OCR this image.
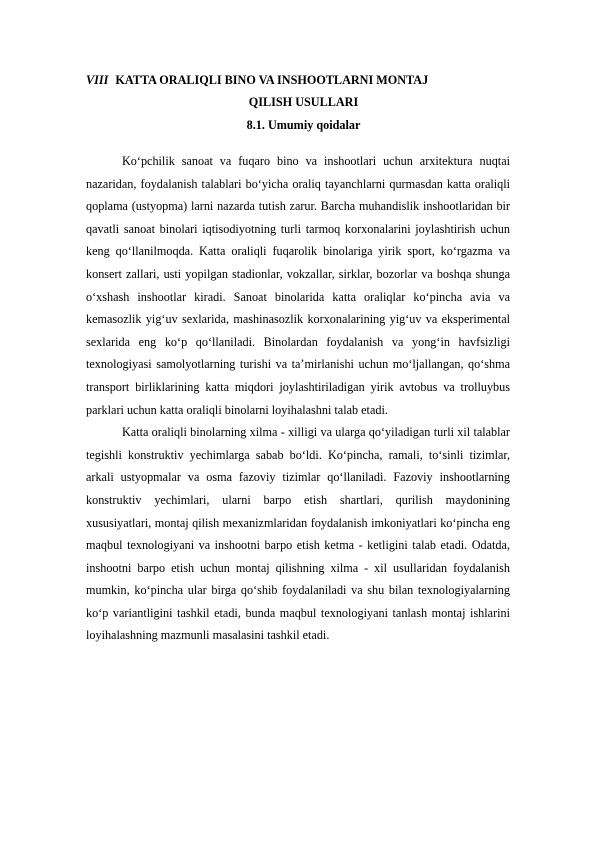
VIII KATTA ORALIQLI BINO VA INSHOOTLARNI MONTAJ
QILISH USULLARI
8.1. Umumiy qoidalar

Ko‘pchilik sanoat va fuqaro bino va inshootlari uchun arxitektura nuqtai nazaridan, foydalanish talablari bo‘yicha oraliq tayanchlarni qurmasdan katta oraliqli qoplama (ustyopma) larni nazarda tutish zarur. Barcha muhandislik inshootlaridan bir qavatli sanoat binolari iqtisodiyotning turli tarmoq korxonalarini joylashtirish uchun keng qo‘llanilmoqda. Katta oraliqli fuqarolik binolariga yirik sport, ko‘rgazma va konsert zallari, usti yopilgan stadionlar, vokzallar, sirklar, bozorlar va boshqa shunga o‘xshash inshootlar kiradi. Sanoat binolarida katta oraliqlar ko‘pincha avia va kemasozlik yig‘uv sexlarida, mashinasozlik korxonalarining yig‘uv va eksperimental sexlarida eng ko‘p qo‘llaniladi. Binolardan foydalanish va yong‘in havfsizligi texnologiyasi samolyotlarning turishi va ta’mirlanishi uchun mo‘ljallangan, qo‘shma transport birliklarining katta miqdori joylashtiriladigan yirik avtobus va trolluybus parklari uchun katta oraliqli binolarni loyihalashni talab etadi.

Katta oraliqli binolarning xilma - xilligi va ularga qo‘yiladigan turli xil talablar tegishli konstruktiv yechimlarga sabab bo‘ldi. Ko‘pincha, ramali, to‘sinli tizimlar, arkali ustyopmalar va osma fazoviy tizimlar qo‘llaniladi. Fazoviy inshootlarning konstruktiv yechimlari, ularni barpo etish shartlari, qurilish maydonining xususiyatlari, montaj qilish mexanizmlaridan foydalanish imkoniyatlari ko‘pincha eng maqbul texnologiyani va inshootni barpo etish ketma - ketligini talab etadi. Odatda, inshootni barpo etish uchun montaj qilishning xilma - xil usullaridan foydalanish mumkin, ko‘pincha ular birga qo‘shib foydalaniladi va shu bilan texnologiyalarning ko‘p variantligini tashkil etadi, bunda maqbul texnologiyani tanlash montaj ishlarini loyihalashning mazmunli masalasini tashkil etadi.
